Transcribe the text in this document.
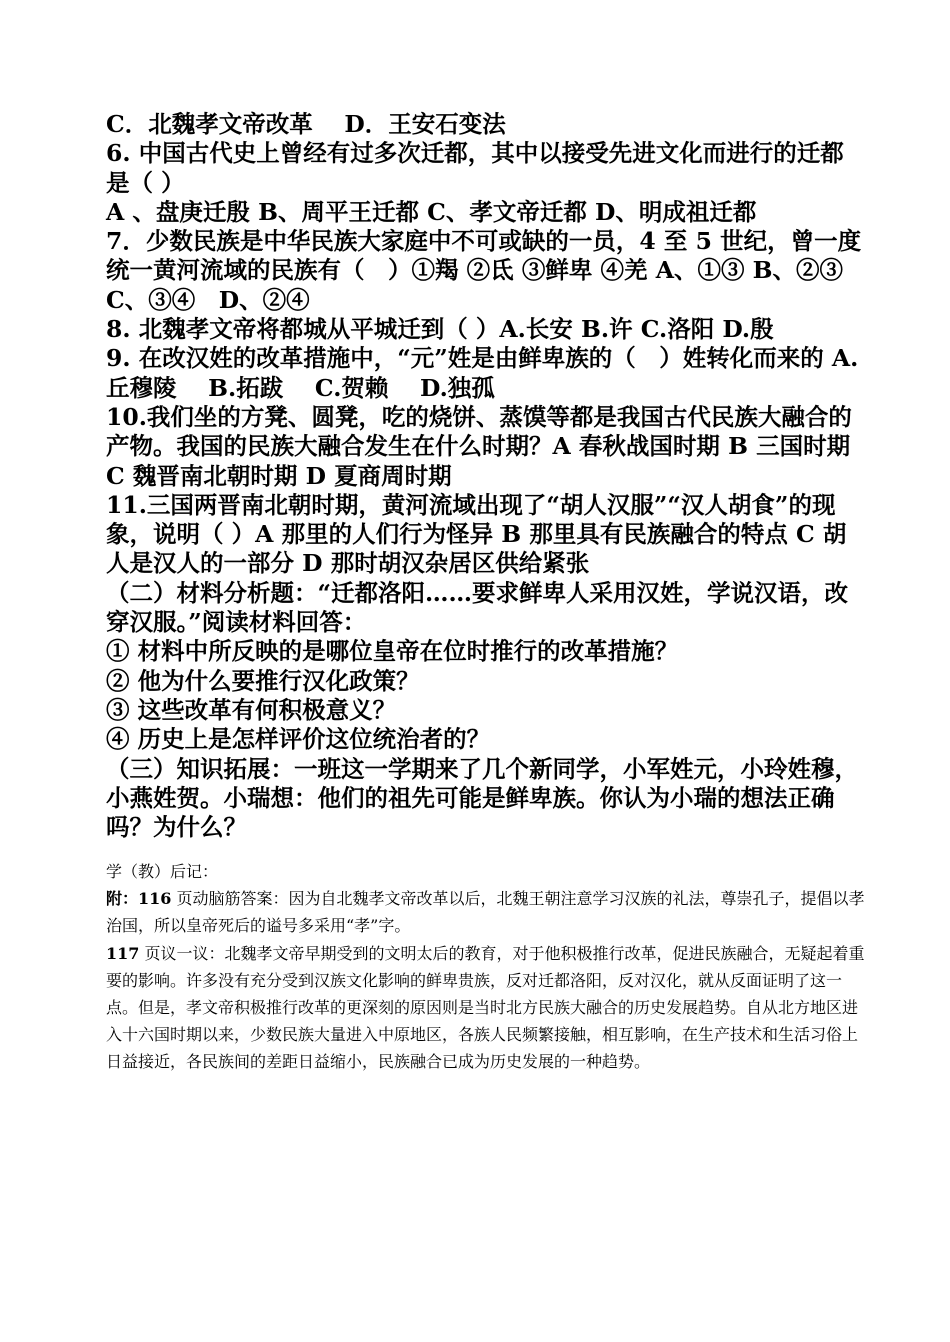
C．北魏孝文帝改革　 D．王安石变法

6. 中国古代史上曾经有过多次迁都，其中以接受先进文化而进行的迁都是（ ）

A 、盘庚迁殷 B、周平王迁都 C、孝文帝迁都 D、明成祖迁都

7．少数民族是中华民族大家庭中不可或缺的一员，4 至 5 世纪，曾一度统一黄河流域的民族有（　）①羯 ②氐 ③鲜卑 ④羌 A、①③ B、②③　C、③④　D、②④

8. 北魏孝文帝将都城从平城迁到（ ）A.长安 B.许 C.洛阳 D.殷

9. 在改汉姓的改革措施中，“元”姓是由鲜卑族的（　）姓转化而来的 A.丘穆陵　 B.拓跋　 C.贺赖　 D.独孤

10.我们坐的方凳、圆凳，吃的烧饼、蒸馍等都是我国古代民族大融合的产物。我国的民族大融合发生在什么时期？A 春秋战国时期 B 三国时期 C 魏晋南北朝时期 D 夏商周时期

11.三国两晋南北朝时期，黄河流域出现了“胡人汉服”“汉人胡食”的现象，说明（ ）A 那里的人们行为怪异 B 那里具有民族融合的特点 C 胡人是汉人的一部分 D 那时胡汉杂居区供给紧张

（二）材料分析题：“迁都洛阳……要求鲜卑人采用汉姓，学说汉语，改穿汉服。”阅读材料回答：

① 材料中所反映的是哪位皇帝在位时推行的改革措施？

② 他为什么要推行汉化政策？

③ 这些改革有何积极意义？

④ 历史上是怎样评价这位统治者的？

（三）知识拓展：一班这一学期来了几个新同学，小军姓元，小玲姓穆，小燕姓贺。小瑞想：他们的祖先可能是鲜卑族。你认为小瑞的想法正确吗？为什么？

学（教）后记：

附：116 页动脑筋答案：因为自北魏孝文帝改革以后，北魏王朝注意学习汉族的礼法，尊崇孔子，提倡以孝治国，所以皇帝死后的谥号多采用“孝”字。

117 页议一议：北魏孝文帝早期受到的文明太后的教育，对于他积极推行改革，促进民族融合，无疑起着重要的影响。许多没有充分受到汉族文化影响的鲜卑贵族，反对迁都洛阳，反对汉化，就从反面证明了这一点。但是，孝文帝积极推行改革的更深刻的原因则是当时北方民族大融合的历史发展趋势。自从北方地区进入十六国时期以来，少数民族大量进入中原地区，各族人民频繁接触，相互影响，在生产技术和生活习俗上日益接近，各民族间的差距日益缩小，民族融合已成为历史发展的一种趋势。
